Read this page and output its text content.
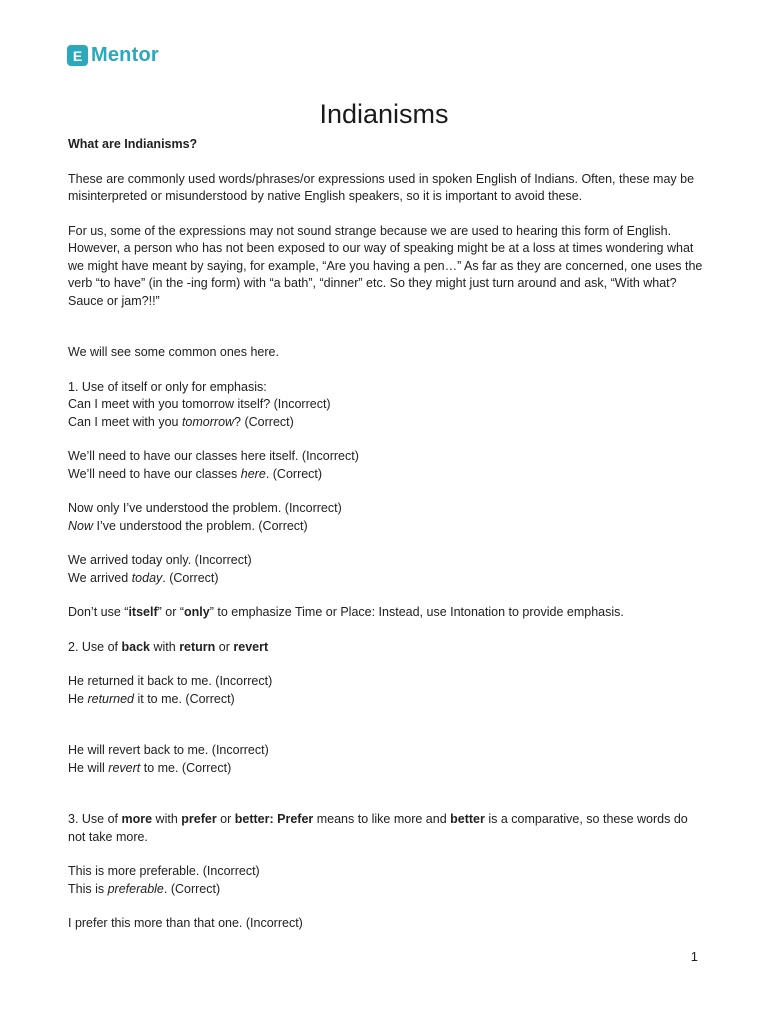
E Mentor
Indianisms
What are Indianisms?
These are commonly used words/phrases/or expressions used in spoken English of Indians. Often, these may be misinterpreted or misunderstood by native English speakers, so it is important to avoid these.
For us, some of the expressions may not sound strange because we are used to hearing this form of English. However, a person who has not been exposed to our way of speaking might be at a loss at times wondering what we might have meant by saying, for example, “Are you having a pen…” As far as they are concerned, one uses the verb “to have” (in the -ing form) with “a bath”, “dinner” etc. So they might just turn around and ask, “With what? Sauce or jam?!!”
We will see some common ones here.
1. Use of itself or only for emphasis:
Can I meet with you tomorrow itself? (Incorrect)
Can I meet with you tomorrow? (Correct)
We’ll need to have our classes here itself. (Incorrect)
We’ll need to have our classes here. (Correct)
Now only I’ve understood the problem. (Incorrect)
Now I’ve understood the problem. (Correct)
We arrived today only. (Incorrect)
We arrived today. (Correct)
Don’t use “itself” or “only” to emphasize Time or Place: Instead, use Intonation to provide emphasis.
2. Use of back with return or revert
He returned it back to me. (Incorrect)
He returned it to me. (Correct)
He will revert back to me. (Incorrect)
He will revert to me. (Correct)
3. Use of more with prefer or better: Prefer means to like more and better is a comparative, so these words do not take more.
This is more preferable. (Incorrect)
This is preferable. (Correct)
I prefer this more than that one. (Incorrect)
1
